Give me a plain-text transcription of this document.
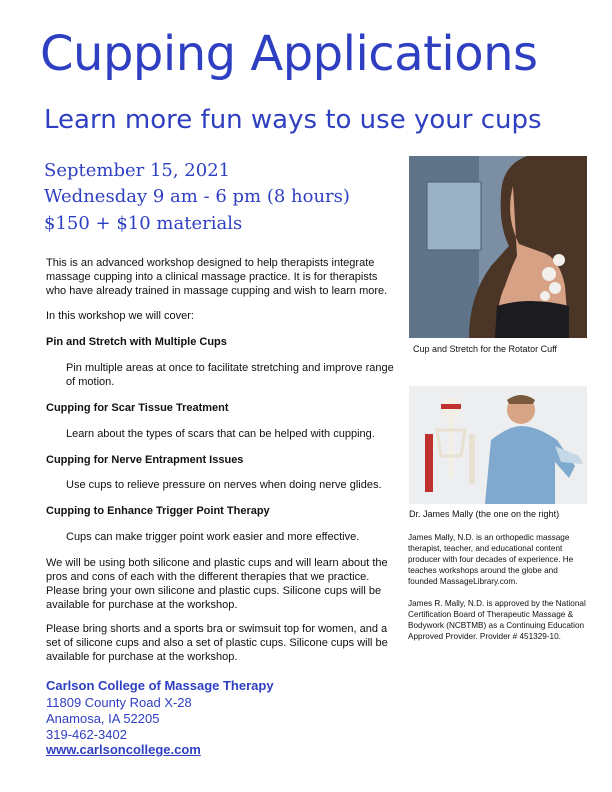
Cupping Applications
Learn more fun ways to use your cups
September 15, 2021
Wednesday 9 am - 6 pm (8 hours)
$150 + $10 materials
This is an advanced workshop designed to help therapists integrate massage cupping into a clinical massage practice. It is for therapists who have already trained in massage cupping and wish to learn more.
In this workshop we will cover:
Pin and Stretch with Multiple Cups
Pin multiple areas at once to facilitate stretching and improve range of motion.
Cupping for Scar Tissue Treatment
Learn about the types of scars that can be helped with cupping.
Cupping for Nerve Entrapment Issues
Use cups to relieve pressure on nerves when doing nerve glides.
Cupping to Enhance Trigger Point Therapy
Cups can make trigger point work easier and more effective.
We will be using both silicone and plastic cups and will learn about the pros and cons of each with the different therapies that we practice. Please bring your own silicone and plastic cups. Silicone cups will be available for purchase at the workshop.
Please bring shorts and a sports bra or swimsuit top for women, and a set of silicone cups and also a set of plastic cups. Silicone cups will be available for purchase at the workshop.
Cup and Stretch for the Rotator Cuff
Dr. James Mally (the one on the right)
James Mally, N.D. is an orthopedic massage therapist, teacher, and educational content producer with four decades of experience. He teaches workshops around the globe and founded MassageLibrary.com.
James R. Mally, N.D. is approved by the National Certification Board of Therapeutic Massage & Bodywork (NCBTMB) as a Continuing Education Approved Provider. Provider # 451329-10.
Carlson College of Massage Therapy
11809 County Road X-28
Anamosa, IA 52205
319-462-3402
www.carlsoncollege.com
